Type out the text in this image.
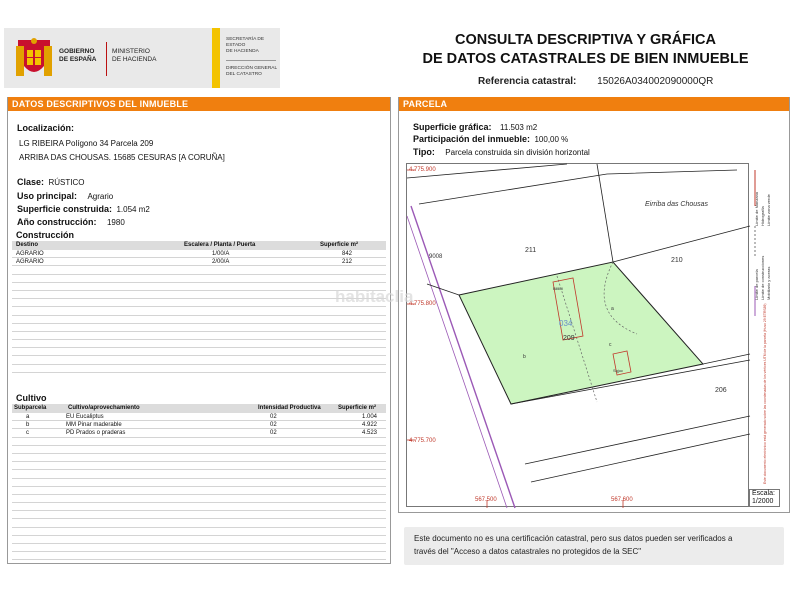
GOBIERNO
DE ESPAÑA
MINISTERIO
DE HACIENDA
SECRETARÍA DE ESTADO
DE HACIENDA
DIRECCIÓN GENERAL
DEL CATASTRO
CONSULTA DESCRIPTIVA Y GRÁFICA
DE DATOS CATASTRALES DE BIEN INMUEBLE
Referencia catastral: 15026A034002090000QR
DATOS DESCRIPTIVOS DEL INMUEBLE
Localización:
LG RIBEIRA Polígono 34 Parcela 209
ARRIBA DAS CHOUSAS. 15685 CESURAS [A CORUÑA]
Clase: RÚSTICO
Uso principal: Agrario
Superficie construida: 1.054 m2
Año construcción: 1980
Construcción
Destino	Escalera / Planta / Puerta	Superficie m²
AGRARIO	1/00/A	842
AGRARIO	2/00/A	212
Cultivo
Subparcela	Cultivo/aprovechamiento	Intensidad Productiva	Superficie m²
a	EU Eucaliptus	02	1.004
b	MM Pinar maderable	02	4.922
c	PD Prados o praderas	02	4.523
PARCELA
Superficie gráfica: 11.503 m2
Participación del inmueble: 100,00 %
Tipo: Parcela construida sin división horizontal
4.775.900
4.775.800
4.775.700
567.500	567.600
Eirriba das Chousas
211
210
206
9008
034
209
a
b
c
Bllllllll
Sqjuc
habitaclia
Límite de Manzana Hidrografía Límite zona verde
Límite de parcela Límite de construcciones Mobiliario y aceras
Este documento electrónico está generado sobre las coordenadas de los vértices UTM de la parcela (Huso 29 ETRS89)
Escala:
1/2000
Este documento no es una certificación catastral, pero sus datos pueden ser verificados a
través del "Acceso a datos catastrales no protegidos de la SEC"
